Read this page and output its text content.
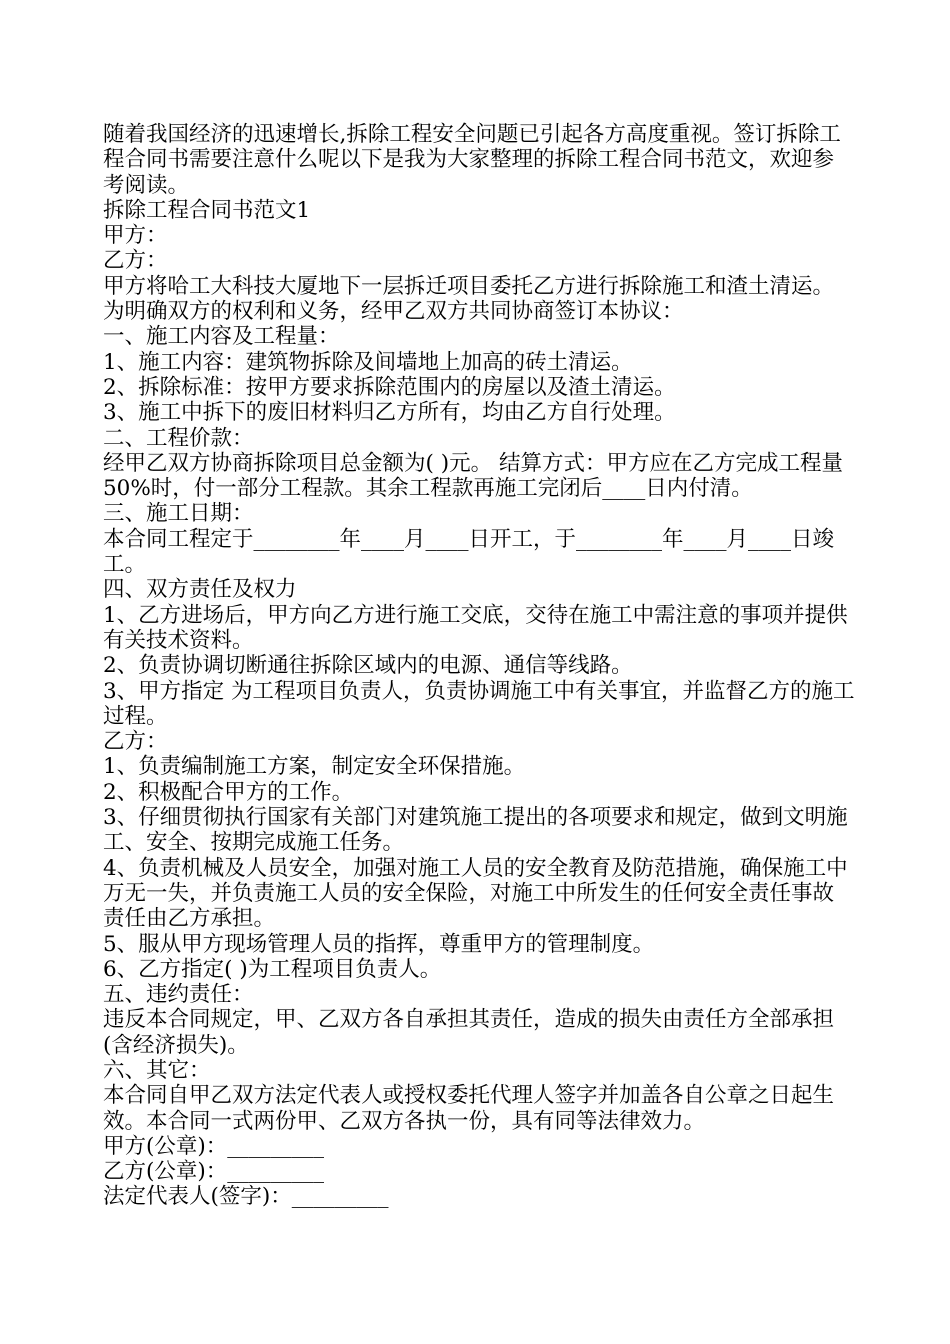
随着我国经济的迅速增长,拆除工程安全问题已引起各方高度重视。签订拆除工程合同书需要注意什么呢以下是我为大家整理的拆除工程合同书范文，欢迎参考阅读。

拆除工程合同书范文1

甲方：

乙方：

甲方将哈工大科技大厦地下一层拆迁项目委托乙方进行拆除施工和渣土清运。为明确双方的权利和义务，经甲乙双方共同协商签订本协议：

一、施工内容及工程量：

1、施工内容：建筑物拆除及间墙地上加高的砖土清运。

2、拆除标准：按甲方要求拆除范围内的房屋以及渣土清运。

3、施工中拆下的废旧材料归乙方所有，均由乙方自行处理。

二、工程价款：

经甲乙双方协商拆除项目总金额为( )元。 结算方式：甲方应在乙方完成工程量 50%时，付一部分工程款。其余工程款再施工完闭后____日内付清。

三、施工日期：

本合同工程定于________年____月____日开工，于________年____月____日竣工。

四、双方责任及权力

1、乙方进场后，甲方向乙方进行施工交底，交待在施工中需注意的事项并提供有关技术资料。

2、负责协调切断通往拆除区域内的电源、通信等线路。

3、甲方指定 为工程项目负责人，负责协调施工中有关事宜，并监督乙方的施工过程。

乙方：

1、负责编制施工方案，制定安全环保措施。

2、积极配合甲方的工作。

3、仔细贯彻执行国家有关部门对建筑施工提出的各项要求和规定，做到文明施工、安全、按期完成施工任务。

4、负责机械及人员安全，加强对施工人员的安全教育及防范措施，确保施工中万无一失，并负责施工人员的安全保险，对施工中所发生的任何安全责任事故责任由乙方承担。

5、服从甲方现场管理人员的指挥，尊重甲方的管理制度。

6、乙方指定( )为工程项目负责人。

五、违约责任：

违反本合同规定，甲、乙双方各自承担其责任，造成的损失由责任方全部承担(含经济损失)。

六、其它：

本合同自甲乙双方法定代表人或授权委托代理人签字并加盖各自公章之日起生效。本合同一式两份甲、乙双方各执一份，具有同等法律效力。

甲方(公章)：_________

乙方(公章)：_________

法定代表人(签字)：_________
